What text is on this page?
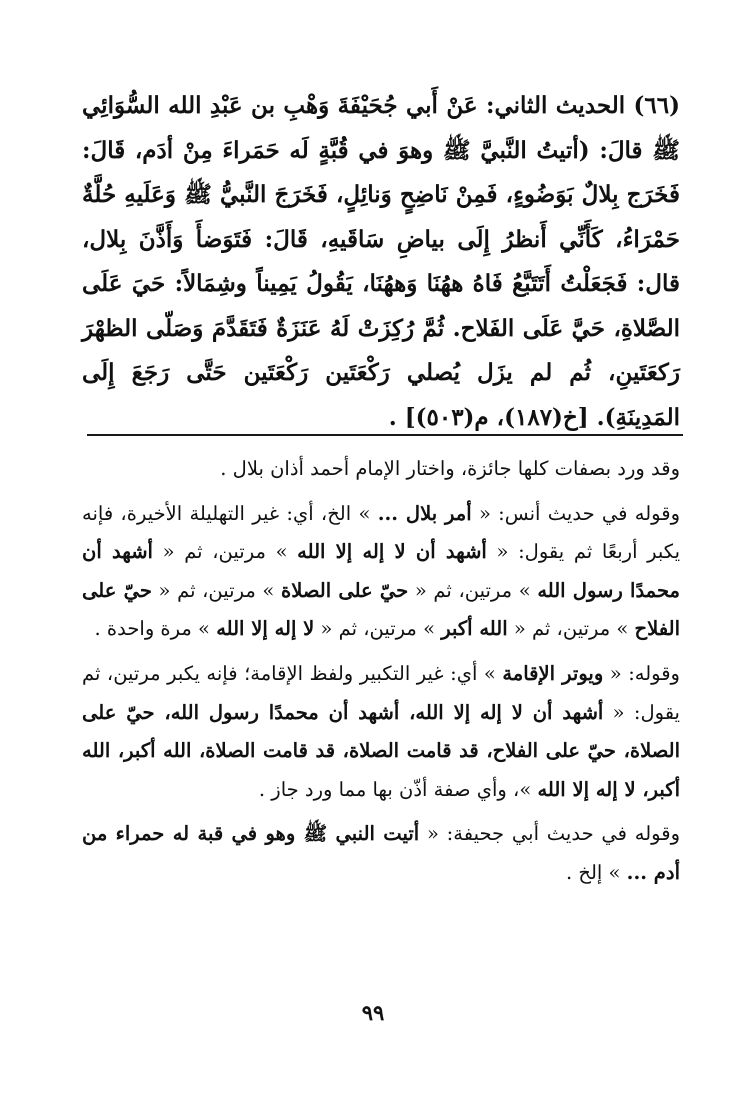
(٦٦) الحديث الثاني: عَنْ أَبي جُحَيْفَةَ وَهْبِ بن عَبْدِ الله السُّوَائِي ﷺ قالَ: (أتيتُ النَّبيَّ ﷺ وهوَ في قُبَّةٍ لَه حَمَراءَ مِنْ أدَم، قَالَ: فَخَرَج بِلالٌ بَوَضُوءٍ، فَمِنْ نَاضِحٍ وَنائِلٍ، فَخَرَجَ النَّبيُّ ﷺ وَعَلَيهِ حُلَّةٌ حَمْرَاءُ، كَأَنِّي أَنظرُ إِلَى بياضِ سَاقَيهِ، قَالَ: فَتَوَضأَ وَأَذَّنَ بِلال، قال: فَجَعَلْتُ أَتَتَبَّعُ فَاهُ ههُنَا وَههُنَا، يَقُولُ يَمِيناً وشِمَالاً: حَيَ عَلَى الصَّلاةِ، حَيَّ عَلَى الفَلاح. ثُمَّ رُكِزَتْ لَهُ عَنَزَةٌ فَتَقَدَّمَ وَصَلّى الظهْرَ رَكعَتَينِ، ثُم لم يزَل يُصلي رَكْعَتَين رَكْعَتَين حَتَّى رَجَعَ إِلَى المَدِينَةِ). [خ(١٨٧)، م(٥٠٣)] .

وقد ورد بصفات كلها جائزة، واختار الإمام أحمد أذان بلال .

وقوله في حديث أنس: « أمر بلال ... » الخ، أي: غير التهليلة الأخيرة، فإنه يكبر أربعًا ثم يقول: « أشهد أن لا إله إلا الله » مرتين، ثم « أشهد أن محمدًا رسول الله » مرتين، ثم « حيّ على الصلاة » مرتين، ثم « حيّ على الفلاح » مرتين، ثم « الله أكبر » مرتين، ثم « لا إله إلا الله » مرة واحدة .

وقوله: « ويوتر الإقامة » أي: غير التكبير ولفظ الإقامة؛ فإنه يكبر مرتين، ثم يقول: « أشهد أن لا إله إلا الله، أشهد أن محمدًا رسول الله، حيّ على الصلاة، حيّ على الفلاح، قد قامت الصلاة، قد قامت الصلاة، الله أكبر، الله أكبر، لا إله إلا الله »، وأي صفة أذّن بها مما ورد جاز .

وقوله في حديث أبي جحيفة: « أتيت النبي ﷺ وهو في قبة له حمراء من أدم ... » إلخ .

٩٩
